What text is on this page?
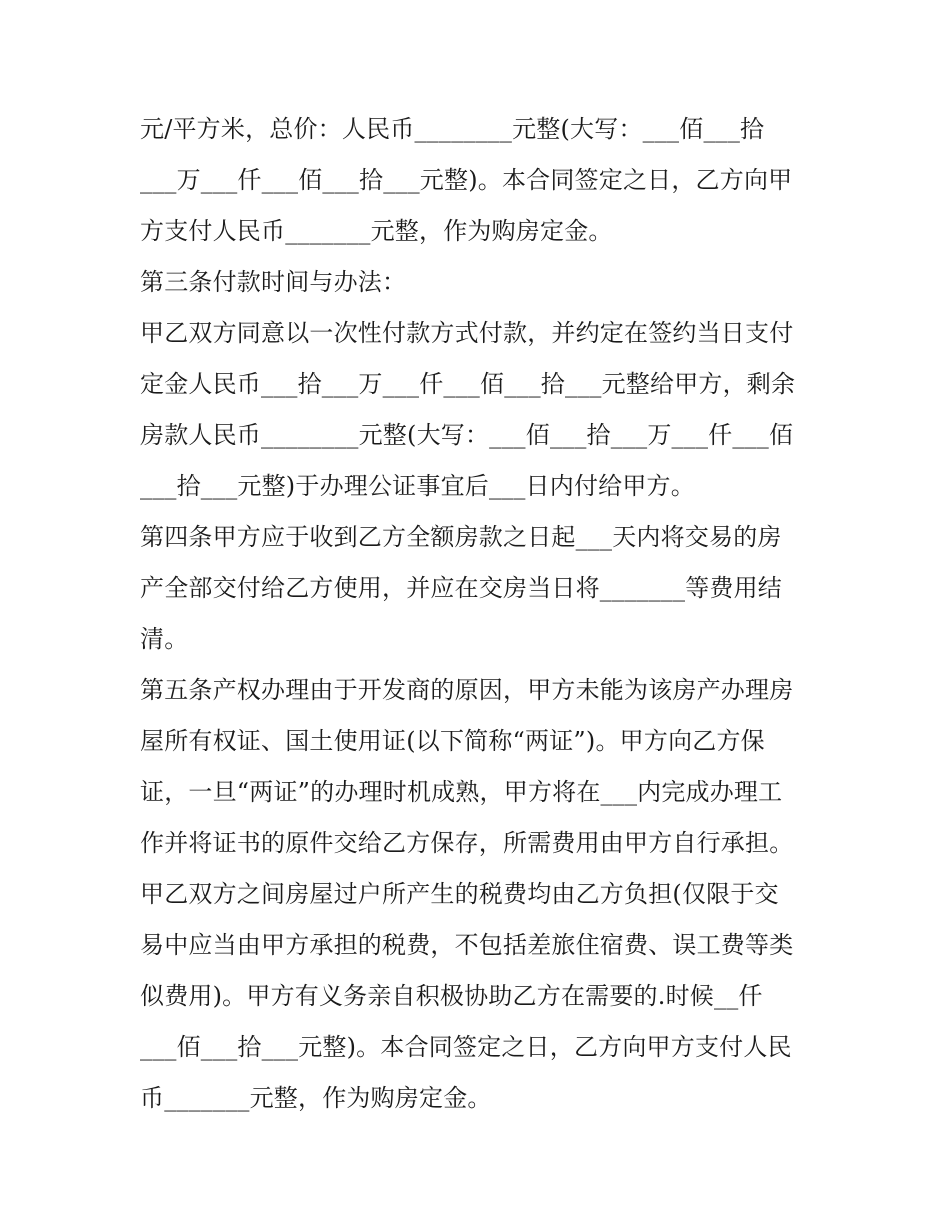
元/平方米，总价：人民币________元整(大写：___佰___拾
___万___仟___佰___拾___元整)。本合同签定之日，乙方向甲
方支付人民币_______元整，作为购房定金。
第三条付款时间与办法：
甲乙双方同意以一次性付款方式付款，并约定在签约当日支付
定金人民币___拾___万___仟___佰___拾___元整给甲方，剩余
房款人民币________元整(大写：___佰___拾___万___仟___佰
___拾___元整)于办理公证事宜后___日内付给甲方。
第四条甲方应于收到乙方全额房款之日起___天内将交易的房
产全部交付给乙方使用，并应在交房当日将_______等费用结
清。
第五条产权办理由于开发商的原因，甲方未能为该房产办理房
屋所有权证、国土使用证(以下简称“两证”)。甲方向乙方保
证，一旦“两证”的办理时机成熟，甲方将在___内完成办理工
作并将证书的原件交给乙方保存，所需费用由甲方自行承担。
甲乙双方之间房屋过户所产生的税费均由乙方负担(仅限于交
易中应当由甲方承担的税费，不包括差旅住宿费、误工费等类
似费用)。甲方有义务亲自积极协助乙方在需要的.时候__仟
___佰___拾___元整)。本合同签定之日，乙方向甲方支付人民
币_______元整，作为购房定金。
